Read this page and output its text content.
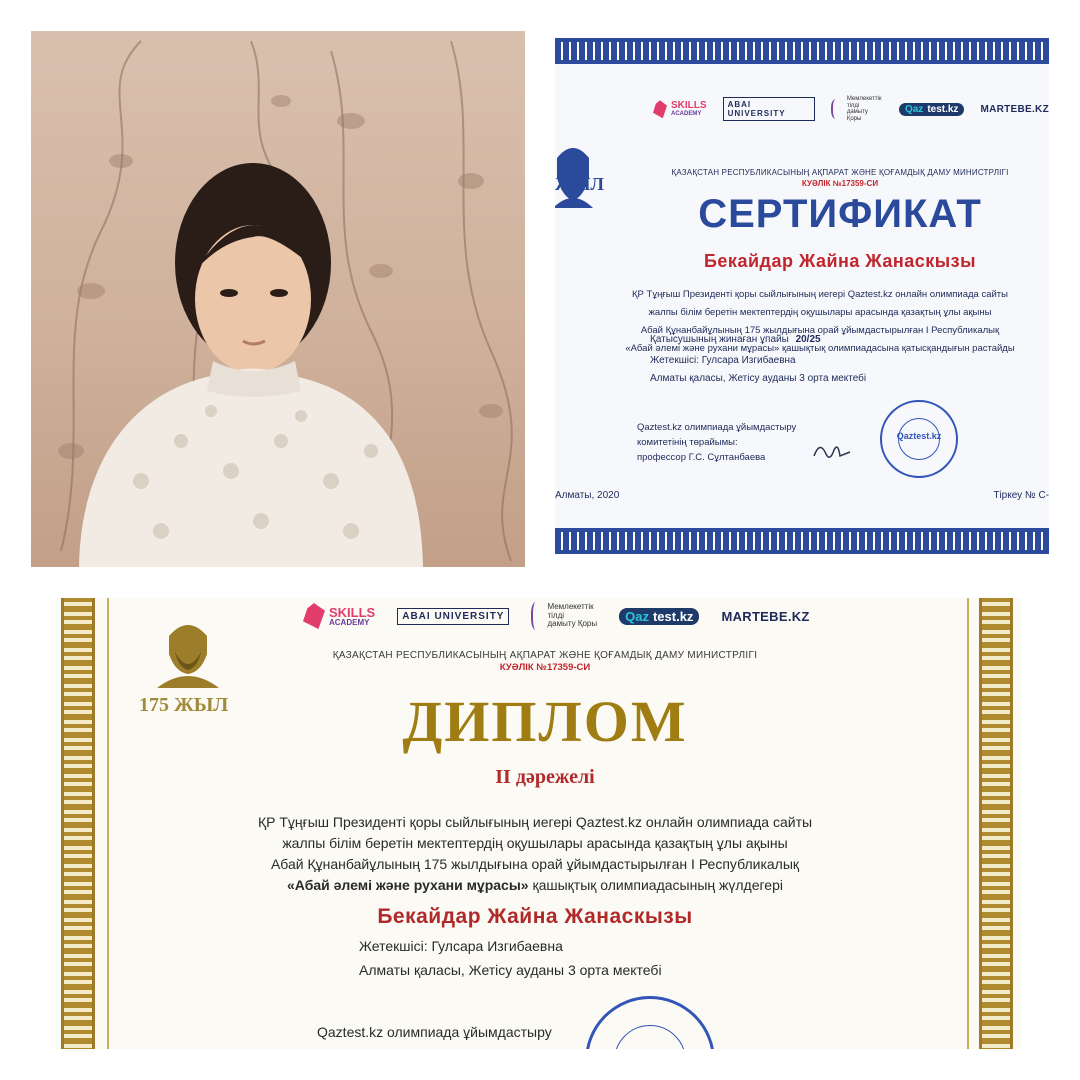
ЖЫЛ
SKILLS
ACADEMY
ABAI UNIVERSITY
Мемлекеттік
тілді
дамыту Қоры
Qaz test.kz MARTEBE.KZ
ҚАЗАҚСТАН РЕСПУБЛИКАСЫНЫҢ АҚПАРАТ ЖӘНЕ ҚОҒАМДЫҚ ДАМУ МИНИСТРЛІГІ
КУӘЛІК №17359-СИ
СЕРТИФИКАТ
Бекайдар Жайна Жанаскызы
ҚР Тұңғыш Президенті қоры сыйлығының иегері Qaztest.kz онлайн олимпиада сайты
жалпы білім беретін мектептердің оқушылары арасында қазақтың ұлы ақыны
Абай Құнанбайұлының 175 жылдығына орай ұйымдастырылған І Республикалық
«Абай әлемі және рухани мұрасы» қашықтық олимпиадасына қатысқандығын растайды
Қатысушының жинаған ұпайы 20/25
Жетекшісі: Гулсара Изгибаевна
Алматы қаласы, Жетісу ауданы 3 орта мектебі
Qaztest.kz олимпиада ұйымдастыру
комитетінің төрайымы:
профессор Г.С. Сұлтанбаева
Qaztest.kz
Алматы, 2020	Тіркеу № С-
175 ЖЫЛ
SKILLS
ACADEMY
ABAI UNIVERSITY
Мемлекеттік
тілді
дамыту Қоры
Qaz test.kz MARTEBE.KZ
ҚАЗАҚСТАН РЕСПУБЛИКАСЫНЫҢ АҚПАРАТ ЖӘНЕ ҚОҒАМДЫҚ ДАМУ МИНИСТРЛІГІ
КУӘЛІК №17359-СИ
ДИПЛОМ
ІІ дәрежелі
ҚР Тұңғыш Президенті қоры сыйлығының иегері Qaztest.kz онлайн олимпиада сайты
жалпы білім беретін мектептердің оқушылары арасында қазақтың ұлы ақыны
Абай Құнанбайұлының 175 жылдығына орай ұйымдастырылған І Республикалық
«Абай әлемі және рухани мұрасы» қашықтық олимпиадасының жүлдегері
Бекайдар Жайна Жанаскызы
Жетекшісі: Гулсара Изгибаевна
Алматы қаласы, Жетісу ауданы 3 орта мектебі
Qaztest.kz олимпиада ұйымдастыру
